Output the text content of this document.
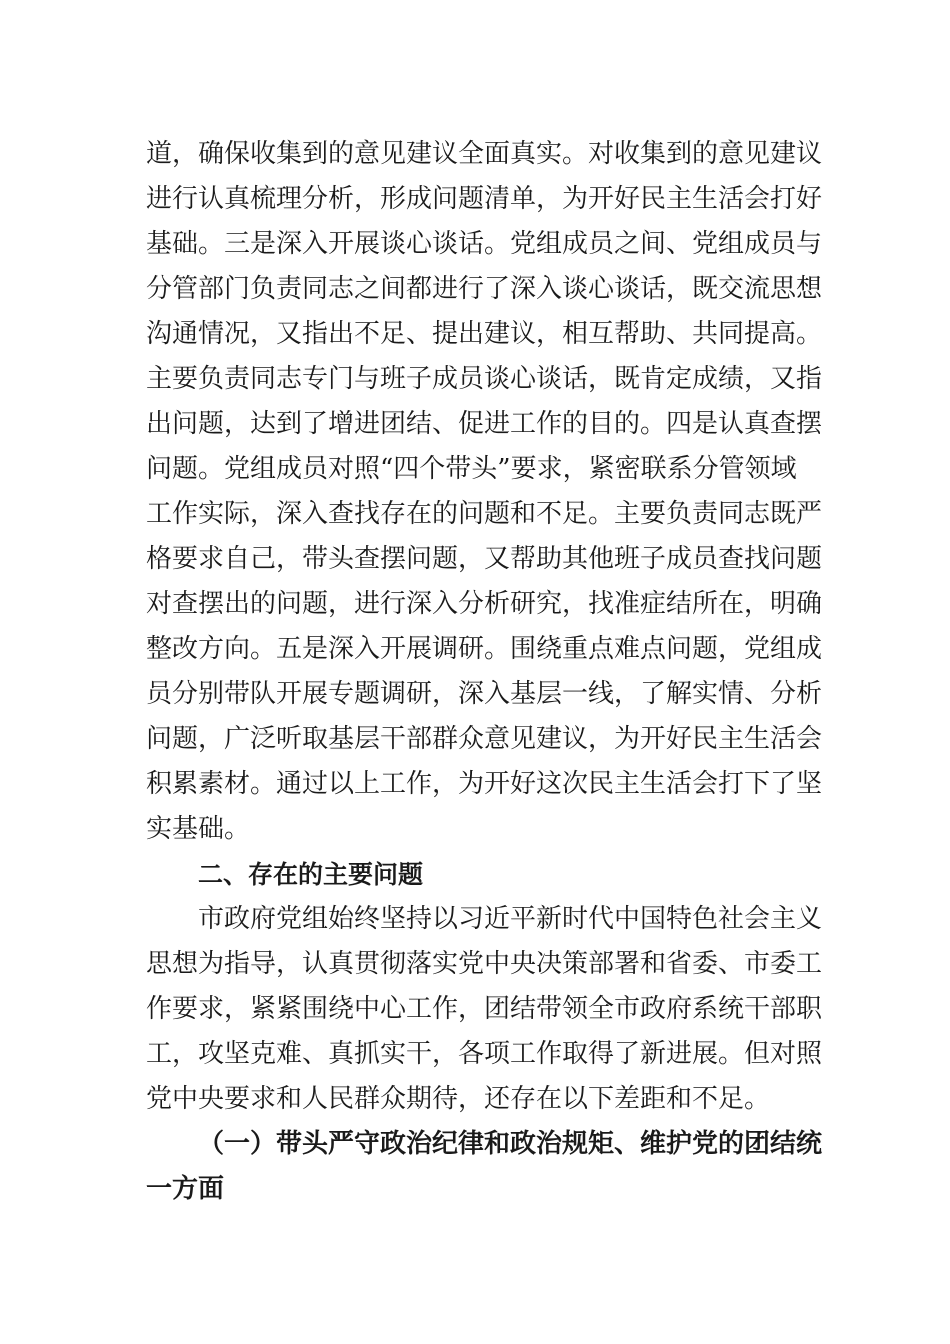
道，确保收集到的意见建议全面真实。对收集到的意见建议
进行认真梳理分析，形成问题清单，为开好民主生活会打好
基础。三是深入开展谈心谈话。党组成员之间、党组成员与
分管部门负责同志之间都进行了深入谈心谈话，既交流思想
沟通情况，又指出不足、提出建议，相互帮助、共同提高。
主要负责同志专门与班子成员谈心谈话，既肯定成绩，又指
出问题，达到了增进团结、促进工作的目的。四是认真查摆
问题。党组成员对照“四个带头”要求，紧密联系分管领域
工作实际，深入查找存在的问题和不足。主要负责同志既严
格要求自己，带头查摆问题，又帮助其他班子成员查找问题
对查摆出的问题，进行深入分析研究，找准症结所在，明确
整改方向。五是深入开展调研。围绕重点难点问题，党组成
员分别带队开展专题调研，深入基层一线，了解实情、分析
问题，广泛听取基层干部群众意见建议，为开好民主生活会
积累素材。通过以上工作，为开好这次民主生活会打下了坚
实基础。
二、存在的主要问题
市政府党组始终坚持以习近平新时代中国特色社会主义
思想为指导，认真贯彻落实党中央决策部署和省委、市委工
作要求，紧紧围绕中心工作，团结带领全市政府系统干部职
工，攻坚克难、真抓实干，各项工作取得了新进展。但对照
党中央要求和人民群众期待，还存在以下差距和不足。
（一）带头严守政治纪律和政治规矩、维护党的团结统
一方面
